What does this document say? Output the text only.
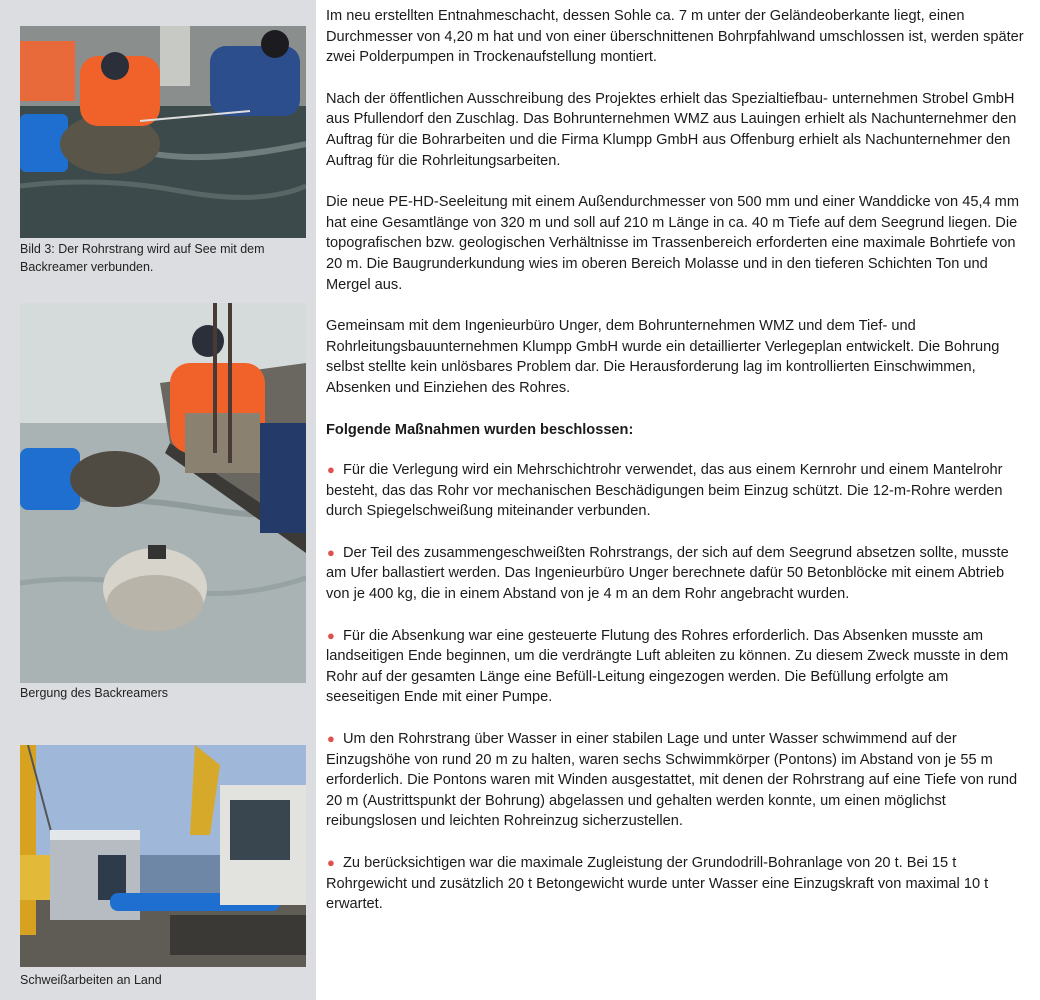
Bild 3: Der Rohrstrang wird auf See mit dem Backreamer verbunden.
Bergung des Backreamers
Schweißarbeiten an Land

Im neu erstellten Entnahmeschacht, dessen Sohle ca. 7 m unter der Geländeoberkante liegt, einen Durchmesser von 4,20 m hat und von einer überschnittenen Bohrpfahlwand umschlossen ist, werden später zwei Polderpumpen in Trockenaufstellung montiert.

Nach der öffentlichen Ausschreibung des Projektes erhielt das Spezialtiefbau- unternehmen Strobel GmbH aus Pfullendorf den Zuschlag. Das Bohrunternehmen WMZ aus Lauingen erhielt als Nachunternehmer den Auftrag für die Bohrarbeiten und die Firma Klumpp GmbH aus Offenburg erhielt als Nachunternehmer den Auftrag für die Rohrleitungsarbeiten.

Die neue PE-HD-Seeleitung mit einem Außendurchmesser von 500 mm und einer Wanddicke von 45,4 mm hat eine Gesamtlänge von 320 m und soll auf 210 m Länge in ca. 40 m Tiefe auf dem Seegrund liegen. Die topografischen bzw. geologischen Verhältnisse im Trassenbereich erforderten eine maximale Bohrtiefe von 20 m. Die Baugrunderkundung wies im oberen Bereich Molasse und in den tieferen Schichten Ton und Mergel aus.

Gemeinsam mit dem Ingenieurbüro Unger, dem Bohrunternehmen WMZ und dem Tief- und Rohrleitungsbauunternehmen Klumpp GmbH wurde ein detaillierter Verlegeplan entwickelt. Die Bohrung selbst stellte kein unlösbares Problem dar. Die Herausforderung lag im kontrollierten Einschwimmen, Absenken und Einziehen des Rohres.

Folgende Maßnahmen wurden beschlossen:
● Für die Verlegung wird ein Mehrschichtrohr verwendet, das aus einem Kernrohr und einem Mantelrohr besteht, das das Rohr vor mechanischen Beschädigungen beim Einzug schützt. Die 12-m-Rohre werden durch Spiegelschweißung miteinander verbunden.
● Der Teil des zusammengeschweißten Rohrstrangs, der sich auf dem Seegrund absetzen sollte, musste am Ufer ballastiert werden. Das Ingenieurbüro Unger berechnete dafür 50 Betonblöcke mit einem Abtrieb von je 400 kg, die in einem Abstand von je 4 m an dem Rohr angebracht wurden.
● Für die Absenkung war eine gesteuerte Flutung des Rohres erforderlich. Das Absenken musste am landseitigen Ende beginnen, um die verdrängte Luft ableiten zu können. Zu diesem Zweck musste in dem Rohr auf der gesamten Länge eine Befüll-Leitung eingezogen werden. Die Befüllung erfolgte am seeseitigen Ende mit einer Pumpe.
● Um den Rohrstrang über Wasser in einer stabilen Lage und unter Wasser schwimmend auf der Einzugshöhe von rund 20 m zu halten, waren sechs Schwimmkörper (Pontons) im Abstand von je 55 m erforderlich. Die Pontons waren mit Winden ausgestattet, mit denen der Rohrstrang auf eine Tiefe von rund 20 m (Austrittspunkt der Bohrung) abgelassen und gehalten werden konnte, um einen möglichst reibungslosen und leichten Rohreinzug sicherzustellen.
● Zu berücksichtigen war die maximale Zugleistung der Grundodrill-Bohranlage von 20 t. Bei 15 t Rohrgewicht und zusätzlich 20 t Betongewicht wurde unter Wasser eine Einzugskraft von maximal 10 t erwartet.
